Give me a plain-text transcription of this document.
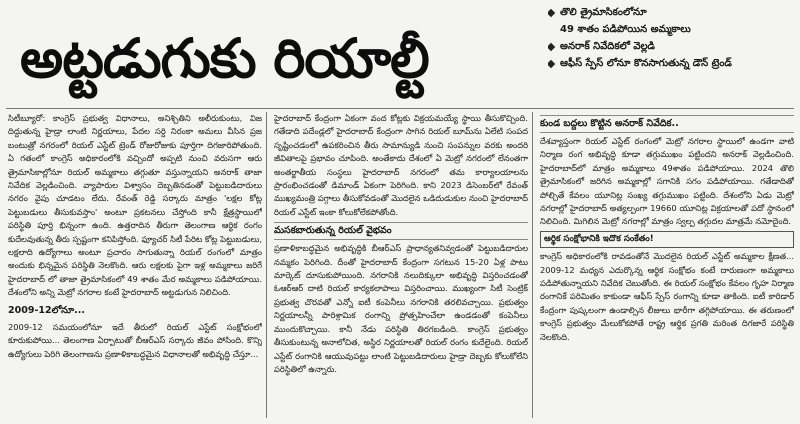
అట్టడుగుకు రియాల్టీ
తొలి త్రైమాసికంలోనూ
49 శాతం పడిపోయిన అమ్మకాలు
అనరాక్ నివేదికలో వెల్లడి
ఆఫీస్ స్పేస్ లోనూ కొనసాగుతున్న డౌన్ ట్రెండ్

సిటీబ్యూరో: కాంగ్రెస్ ప్రభుత్వ విధానాలు, అనిశ్చితిని అలీరుకుంటు, విజ దిద్దుతున్న హైడ్రా లాంటి నిర్ణయాలు, పేదల సర్ది నిరంకా అమలు వీసిన ప్రజ బంటుత్రో నగరంలో రియల్ ఎస్టేట్ ట్రెండ్ రోజురోజుకు పూర్తిగా దిగజారిపోతుంది. ఏ గతంలో కాంగ్రెస్ అధికారంలోకి వచ్చిందో అప్పటి నుంచి వరుసగా ఆరు త్రైమాసికాల్లోనూ రియల్ అమ్మకాలు తగ్గుతూ వస్తున్నాయని అనరాక్ తాజా నివేదిక వెల్లడించింది. వ్యాపారుల విశ్వాసం దెబ్బతినడంతో పెట్టుబడిదారులు నగరం వైపు చూడటం లేదు. రేవంత్ రెడ్డి సర్కారు మాత్రం 'లక్షల కోట్ల పెట్టుబడులు తీసుకువస్తాం' అంటూ ప్రకటనలు చేస్తోంది కానీ క్షేత్రస్థాయిలో పరిస్థితి పూర్తి భిన్నంగా ఉంది. ఉత్తరాదిన తీరుగా తెలంగాణ ఆర్థిక రంగం కుదేలవుతున్న తీరు స్పష్టంగా కనిపిస్తోంది. ఫ్యూచర్ సిటీ పేరిట కోట్ల పెట్టుబడులు, లక్షలాది ఉద్యోగాలు అంటూ ప్రచారం సాగుతున్నా రియల్ రంగంలో మాత్రం అందుకు భిన్నమైన పరిస్థితి నెలకొంది. ఆరు లక్షలకు పైగా ఇళ్ల అమ్మకాలు జరిగే హైదరాబాద్ లో తాజా త్రైమాసికంలో 49 శాతం మేర అమ్మకాలు పడిపోయాయి. దేశంలోని అన్ని మెట్రో నగరాల కంటే హైదరాబాద్ అట్టడుగున నిలిచింది.

2009-12లోనూ...

2009-12 సమయంలోనూ ఇదే తీరులో రియల్ ఎస్టేట్ సంక్షోభంలో కూరుకుపోయి... తెలంగాణ ఏర్పాటుతో బీఆర్ఎస్ సర్కారు జీవం పోసింది. కొన్ని ఉద్యోగులు పెరిగి తెలంగాణను ప్రణాళికాబద్ధమైన విధానాలతో అభివృద్ధి చేస్తూ...

హైదరాబాద్ కేంద్రంగా ఏకంగా వంద కోట్లకు విక్రయమయ్యే స్థాయి తీసుకొచ్చింది. గతేడాది పదేండ్లలో హైదరాబాద్ కేంద్రంగా సాగిన రియల్ బూమ్‌ను ఏలేటి సంపద సృష్టించడంలో ఉపకరించిన తీరు సామాన్యుడి నుంచి సంపన్నుల వరకు అందరి జీవితాలపై ప్రభావం చూపింది. అంతేకాదు దేశంలో ఏ మెట్రో నగరంలో లేనంతగా అంతర్జాతీయ సంస్థలు హైదరాబాద్ నగరంలో తమ కార్యాలయాలను ప్రారంభించడంతో డిమాండ్ ఏకంగా పెరిగింది. కాని 2023 డిసెంబర్‌లో రేవంత్ ముఖ్యమంత్రి పగ్గాలు తీసుకోవడంతో మొదలైన ఒడిదుడుకుల నుంచి హైదరాబాద్ రియల్ ఎస్టేట్ ఇంకా కోలుకోలేకపోతోంది.

మసకబారుతున్న రియల్ వైభవం

ప్రణాళికాబద్ధమైన అభివృద్ధికి బీఆర్ఎస్ ప్రాధాన్యతనివ్వడంతో పెట్టుబడిదారుల నమ్మకం పెరిగింది. దీంతో హైదరాబాద్ కేంద్రంగా సగటున 15-20 ఏళ్ల పాటు మార్కెట్ దూసుకుపోయింది. నగరానికి నలుదిక్కులా అభివృద్ధి విస్తరించడంతో ఓఆర్ఆర్ దాటి రియల్ కార్యకలాపాలు విస్తరించాయి. ముఖ్యంగా సిటీ సెంట్రిక్ ప్రభుత్వ చొరవతో ఎన్నో ఐటీ కంపెనీలు నగరానికి తరలివచ్చాయి. ప్రభుత్వం నిర్ణయాలన్నీ పారిశ్రామిక రంగాన్ని ప్రోత్సహించేలా ఉండడంతో కంపెనీలు ముందుకొచ్చాయి. కానీ నేడు పరిస్థితి తిరగబడింది. కాంగ్రెస్ ప్రభుత్వం తీసుకుంటున్న అనాలోచిత, అస్థిర నిర్ణయాలతో రియల్ రంగం కుదేలైంది. రియల్ ఎస్టేట్ రంగానికి ఆయువుపట్టు లాంటి పెట్టుబడిదారులు హైడ్రా దెబ్బకు కోలుకోలేని పరిస్థితిలో ఉన్నారు.

కుండ బద్దలు కొట్టిన అనరాక్ నివేదిక..

దేశవ్యాప్తంగా రియల్ ఎస్టేట్ రంగంలో మెట్రో నగరాల స్థాయిలో ఉండగా వాటి నిర్మాణ రంగ అభివృద్ధి కూడా తగ్గుముఖం పట్టిందని అనరాక్ వెల్లడించింది. హైదరాబాద్‌లో మాత్రం అమ్మకాలు 49శాతం పడిపోయాయి. 2024 తొలి త్రైమాసికంలో జరిగిన అమ్మకాల్లో సగానికి సగం పడిపోయాయి. గతేడాదితో పోల్చితే కేవలం యూనిట్ల సంఖ్య తగ్గుముఖం పట్టింది. దేశంలోని ఏడు మెట్రో నగరాల్లో హైదరాబాద్ అత్యల్పంగా 19660 యూనిట్ల విక్రయాలతో పదో స్థానంలో నిలిచింది. మిగిలిన మెట్రో నగరాల్లో మాత్రం స్వల్ప తగ్గుదల మాత్రమే నమోదైంది.

ఆర్థిక సంక్షోభానికి ఇదొక సంకేతం!

కాంగ్రెస్ అధికారంలోకి రావడంతోనే మొదలైన రియల్ ఎస్టేట్ అమ్మకాల క్షీణత... 2009-12 మధ్యన ఎదుర్కొన్న ఆర్థిక సంక్షోభం కంటే దారుణంగా అమ్మకాలు పడిపోతున్నాయని నివేదిక చెబుతోంది. ఈ రియల్ సంక్షోభం కేవలం గృహ నిర్మాణ రంగానికే పరిమితం కాకుండా ఆఫీస్ స్పేస్ రంగాన్ని కూడా తాకింది. ఐటీ కారిడార్ కేంద్రంగా పుష్కలంగా ఉండాల్సిన లీజులు భారీగా తగ్గిపోయాయి. ఈ తరుణంలో కాంగ్రెస్ ప్రభుత్వం మేలుకోకపోతే రాష్ట్ర ఆర్థిక ప్రగతి మరింత దిగజారే పరిస్థితి నెలకొంది.
